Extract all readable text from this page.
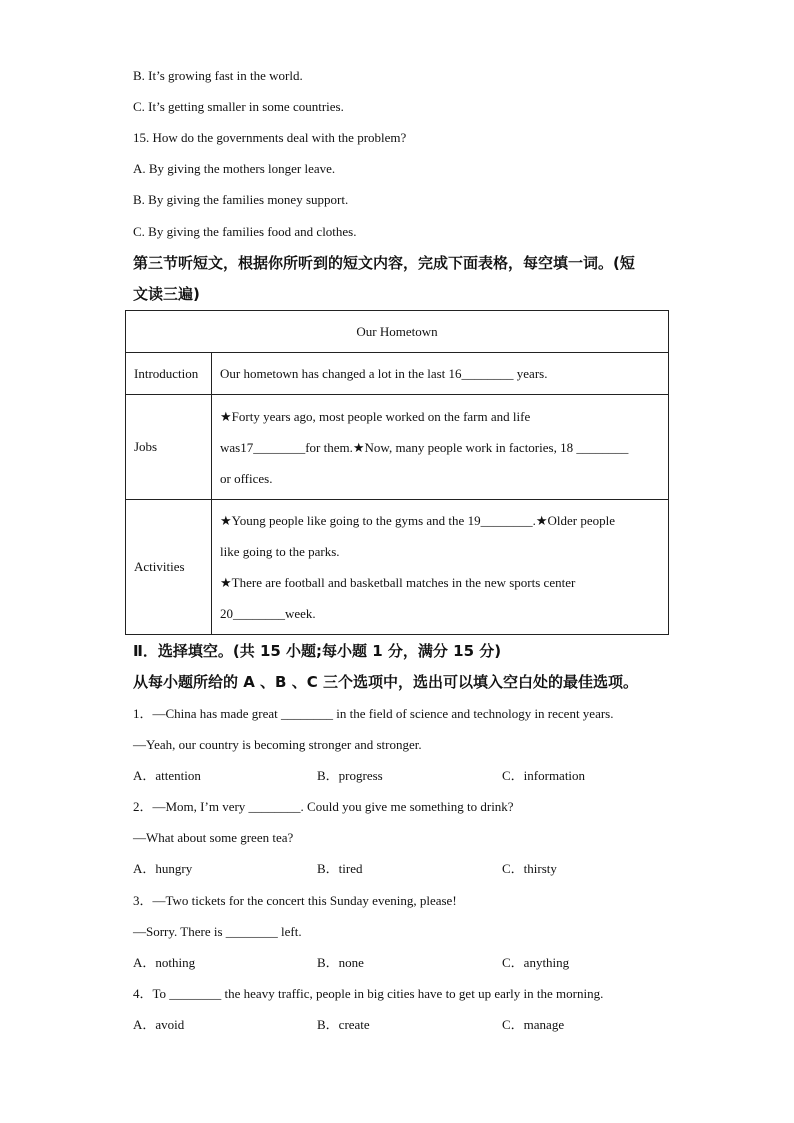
B. It’s growing fast in the world.
C. It’s getting smaller in some countries.
15. How do the governments deal with the problem?
A. By giving the mothers longer leave.
B. By giving the families money support.
C. By giving the families food and clothes.
第三节听短文，根据你所听到的短文内容，完成下面表格，每空填一词。(短
文读三遍)
Our Hometown	
Introduction	Our hometown has changed a lot in the last 16________ years.

Jobs	★Forty years ago, most people worked on the farm and life
was17________for them.★Now, many people work in factories, 18 ________
or offices.

Activities	★Young people like going to the gyms and the 19________.★Older people
like going to the parks.
★There are football and basketball matches in the new sports center
20________week.
Ⅱ．选择填空。(共 15 小题;每小题 1 分，满分 15 分)
从每小题所给的 A 、B 、C 三个选项中，选出可以填入空白处的最佳选项。
1．—China has made great ________ in the field of science and technology in recent years.
—Yeah, our country is becoming stronger and stronger.
A．attention	B．progress	C．information
2．—Mom, I’m very ________. Could you give me something to drink?
—What about some green tea?
A．hungry	B．tired	C．thirsty
3．—Two tickets for the concert this Sunday evening, please!
—Sorry. There is ________ left.
A．nothing	B．none	C．anything
4．To ________ the heavy traffic, people in big cities have to get up early in the morning.
A．avoid	B．create	C．manage
